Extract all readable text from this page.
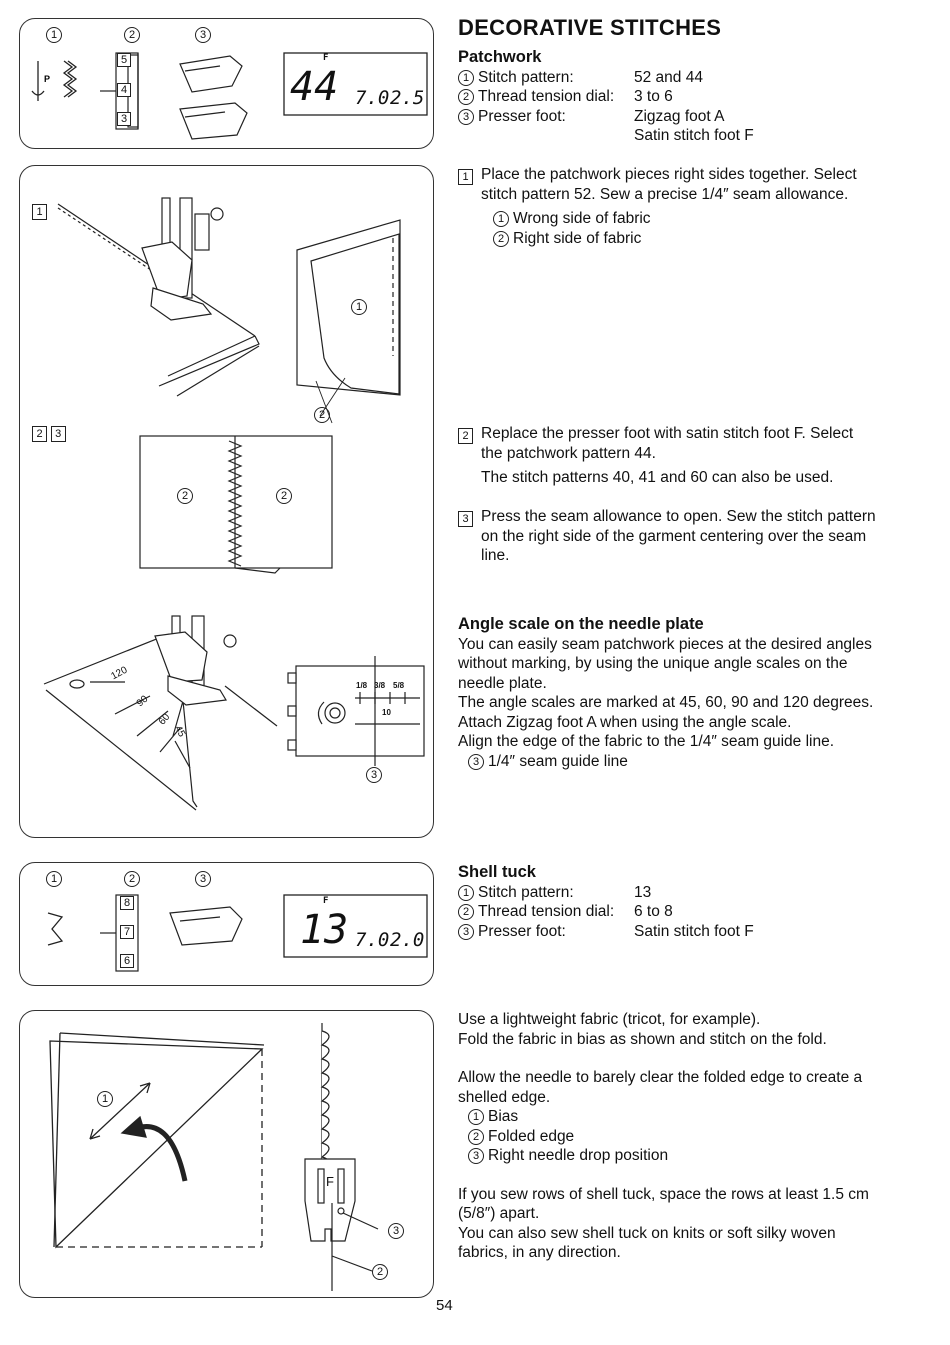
DECORATIVE STITCHES
1	2	3
P
5
4
3
F
44 7.0 2.5
Patchwork
1 Stitch pattern:	52 and 44
2 Thread tension dial:	3 to 6
3 Presser foot:	Zigzag foot A
Satin stitch foot F
1
2 3
1
2
2	2
3
120
90
60
45
1/8 3/8 5/8
10
1 Place the patchwork pieces right sides together. Select stitch pattern 52. Sew a precise 1/4″ seam allowance.
1 Wrong side of fabric
2 Right side of fabric
2 Replace the presser foot with satin stitch foot F. Select the patchwork pattern 44.
The stitch patterns 40, 41 and 60 can also be used.
3 Press the seam allowance to open. Sew the stitch pattern on the right side of the garment centering over the seam line.
Angle scale on the needle plate
You can easily seam patchwork pieces at the desired angles without marking, by using the unique angle scales on the needle plate.
The angle scales are marked at 45, 60, 90 and 120 degrees.
Attach Zigzag foot A when using the angle scale.
Align the edge of the fabric to the 1/4″ seam guide line.
3 1/4″ seam guide line
1	2	3
8
7
6
F
13 7.0 2.0
Shell tuck
1 Stitch pattern:	13
2 Thread tension dial:	6 to 8
3 Presser foot:	Satin stitch foot F
1
F
3
2
Use a lightweight fabric (tricot, for example).
Fold the fabric in bias as shown and stitch on the fold.
Allow the needle to barely clear the folded edge to create a shelled edge.
1 Bias
2 Folded edge
3 Right needle drop position
If you sew rows of shell tuck, space the rows at least 1.5 cm (5/8″) apart.
You can also sew shell tuck on knits or soft silky woven fabrics, in any direction.
54
